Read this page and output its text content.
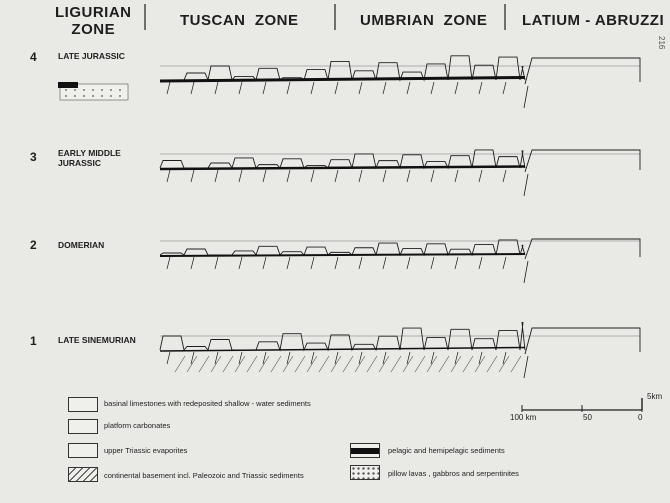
LIGURIAN
ZONE
TUSCAN  ZONE	UMBRIAN  ZONE LATIUM - ABRUZZI
216
4	LATE JURASSIC
3	EARLY MIDDLE
JURASSIC
2	DOMERIAN
1	LATE SINEMURIAN
basinal limestones with redeposited shallow - water sediments
platform carbonates
upper Triassic evaporites
continental basement incl. Paleozoic and Triassic sediments
pelagic and hemipelagic sediments
pillow lavas , gabbros and serpentinites
100 km	50	0
5km
